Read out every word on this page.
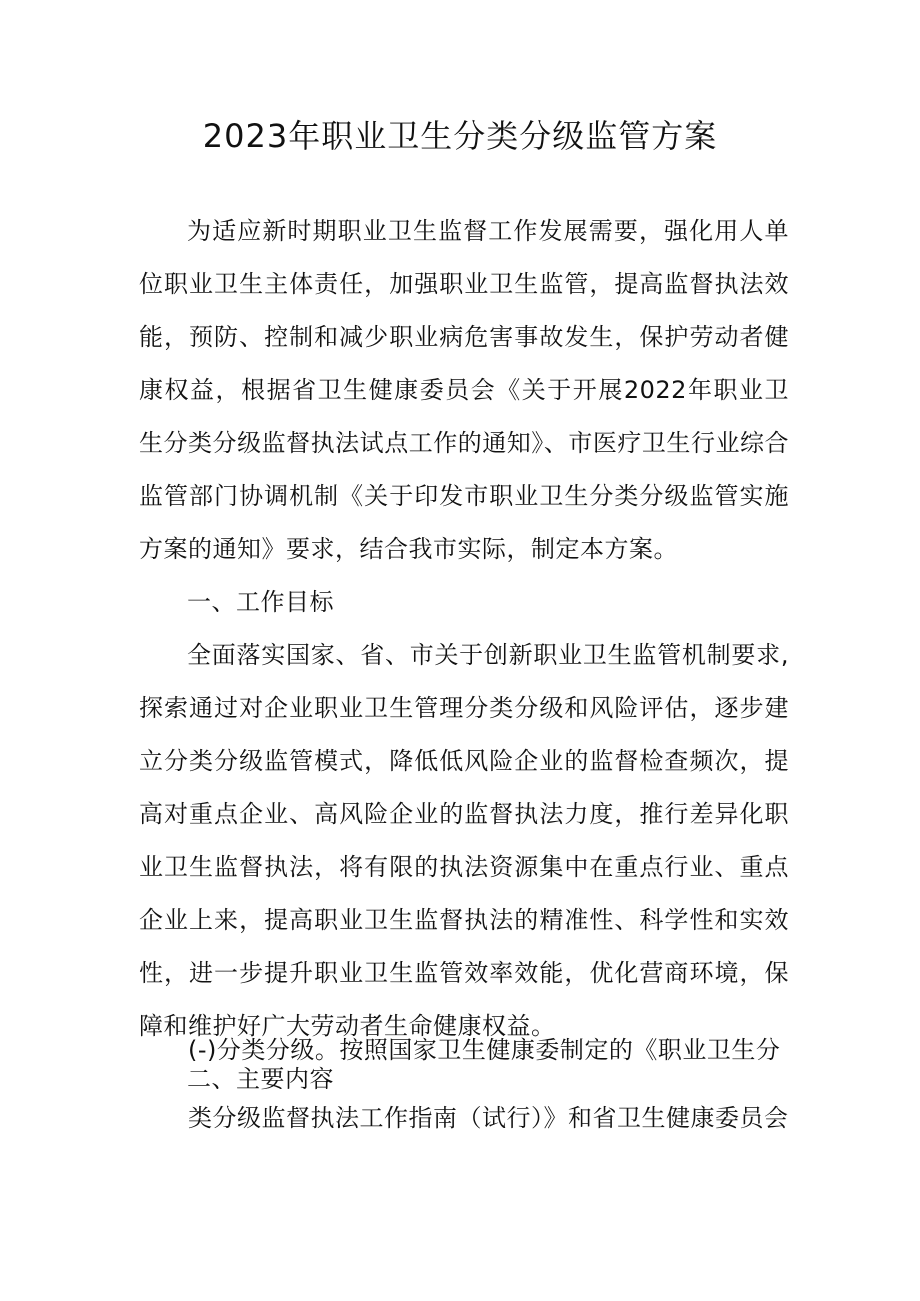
2023年职业卫生分类分级监管方案

为适应新时期职业卫生监督工作发展需要，强化用人单位职业卫生主体责任，加强职业卫生监管，提高监督执法效能，预防、控制和减少职业病危害事故发生，保护劳动者健康权益，根据省卫生健康委员会《关于开展2022年职业卫生分类分级监督执法试点工作的通知》、市医疗卫生行业综合监管部门协调机制《关于印发市职业卫生分类分级监管实施方案的通知》要求，结合我市实际，制定本方案。

一、工作目标

全面落实国家、省、市关于创新职业卫生监管机制要求,探索通过对企业职业卫生管理分类分级和风险评估，逐步建立分类分级监管模式，降低低风险企业的监督检查频次，提高对重点企业、高风险企业的监督执法力度，推行差异化职业卫生监督执法，将有限的执法资源集中在重点行业、重点企业上来，提高职业卫生监督执法的精准性、科学性和实效性，进一步提升职业卫生监管效率效能，优化营商环境，保障和维护好广大劳动者生命健康权益。

二、主要内容

(-)分类分级。按照国家卫生健康委制定的《职业卫生分
类分级监督执法工作指南（试行）》和省卫生健康委员会
